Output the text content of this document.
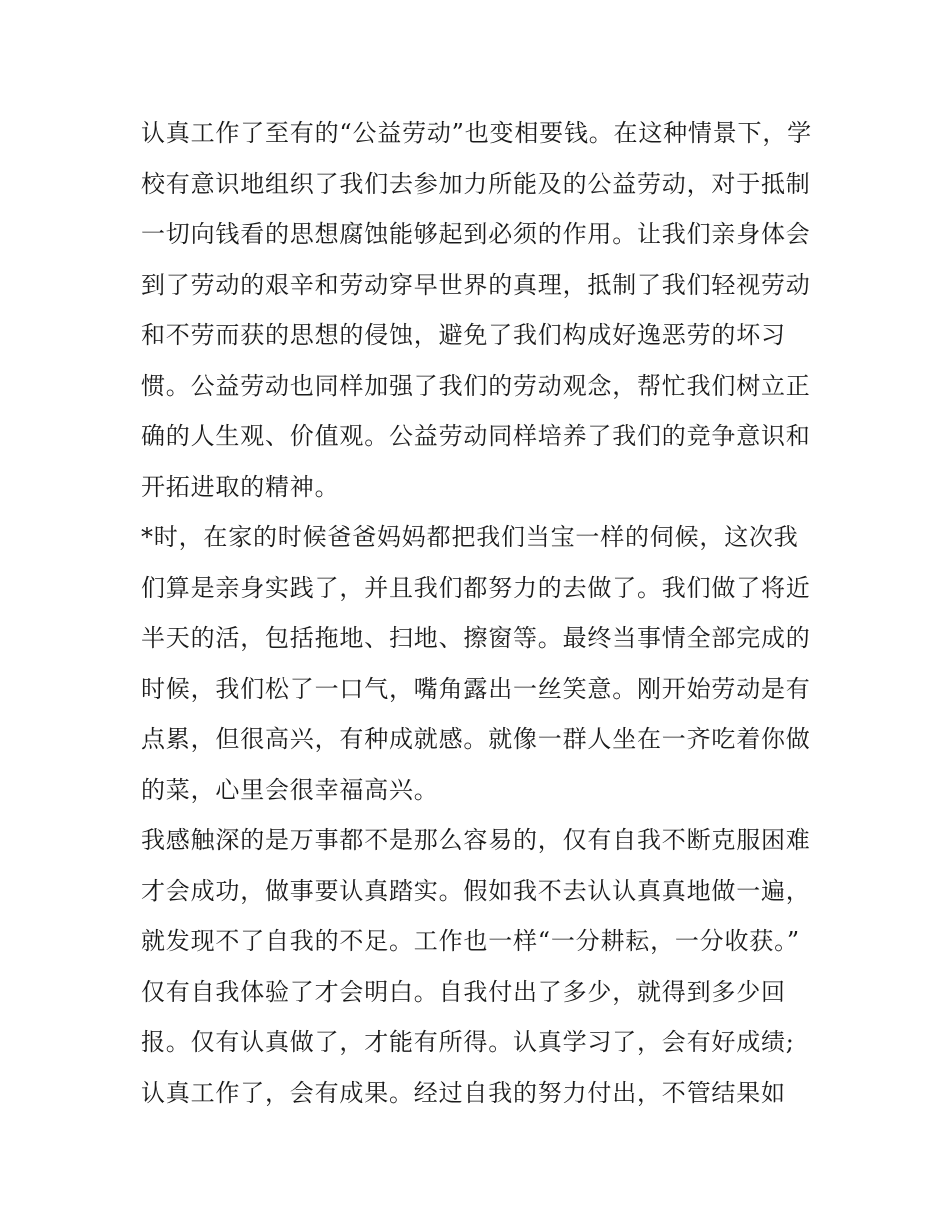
认真工作了至有的“公益劳动”也变相要钱。在这种情景下，学
校有意识地组织了我们去参加力所能及的公益劳动，对于抵制
一切向钱看的思想腐蚀能够起到必须的作用。让我们亲身体会
到了劳动的艰辛和劳动穿早世界的真理，抵制了我们轻视劳动
和不劳而获的思想的侵蚀，避免了我们构成好逸恶劳的坏习
惯。公益劳动也同样加强了我们的劳动观念，帮忙我们树立正
确的人生观、价值观。公益劳动同样培养了我们的竞争意识和
开拓进取的精神。
*时，在家的时候爸爸妈妈都把我们当宝一样的伺候，这次我
们算是亲身实践了，并且我们都努力的去做了。我们做了将近
半天的活，包括拖地、扫地、擦窗等。最终当事情全部完成的
时候，我们松了一口气，嘴角露出一丝笑意。刚开始劳动是有
点累，但很高兴，有种成就感。就像一群人坐在一齐吃着你做
的菜，心里会很幸福高兴。
我感触深的是万事都不是那么容易的，仅有自我不断克服困难
才会成功，做事要认真踏实。假如我不去认认真真地做一遍，
就发现不了自我的不足。工作也一样“一分耕耘，一分收获。”
仅有自我体验了才会明白。自我付出了多少，就得到多少回
报。仅有认真做了，才能有所得。认真学习了，会有好成绩;
认真工作了，会有成果。经过自我的努力付出，不管结果如
